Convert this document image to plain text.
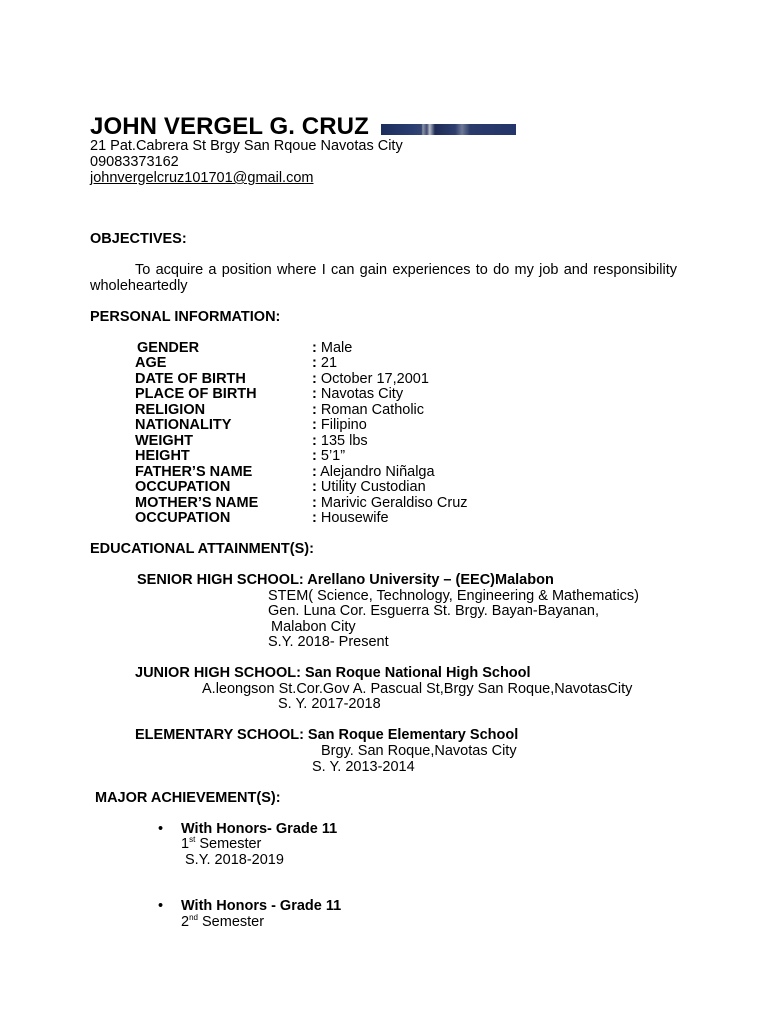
JOHN VERGEL G. CRUZ
21 Pat.Cabrera St Brgy San Rqoue Navotas City
09083373162
johnvergelcruz101701@gmail.com
OBJECTIVES:
To acquire a position where I can gain experiences to do my job and responsibility wholeheartedly
PERSONAL INFORMATION:
GENDER	: Male
AGE	: 21
DATE OF BIRTH	: October 17,2001
PLACE OF BIRTH	: Navotas City
RELIGION	: Roman Catholic
NATIONALITY	: Filipino
WEIGHT	: 135 lbs
HEIGHT	: 5’1”
FATHER’S NAME	: Alejandro Niñalga
OCCUPATION	: Utility Custodian
MOTHER’S NAME	: Marivic Geraldiso Cruz
OCCUPATION	: Housewife
EDUCATIONAL ATTAINMENT(S):
SENIOR HIGH SCHOOL: Arellano University – (EEC)Malabon
STEM( Science, Technology, Engineering & Mathematics)
Gen. Luna Cor. Esguerra St. Brgy. Bayan-Bayanan,
Malabon City
S.Y. 2018- Present
JUNIOR HIGH SCHOOL: San Roque National High School
A.leongson St.Cor.Gov A. Pascual St,Brgy San Roque,NavotasCity
S. Y. 2017-2018
ELEMENTARY SCHOOL: San Roque Elementary School
Brgy. San Roque,Navotas City
S. Y. 2013-2014
MAJOR ACHIEVEMENT(S):
• With Honors- Grade 11
1st Semester
S.Y. 2018-2019
• With Honors - Grade 11
2nd Semester
